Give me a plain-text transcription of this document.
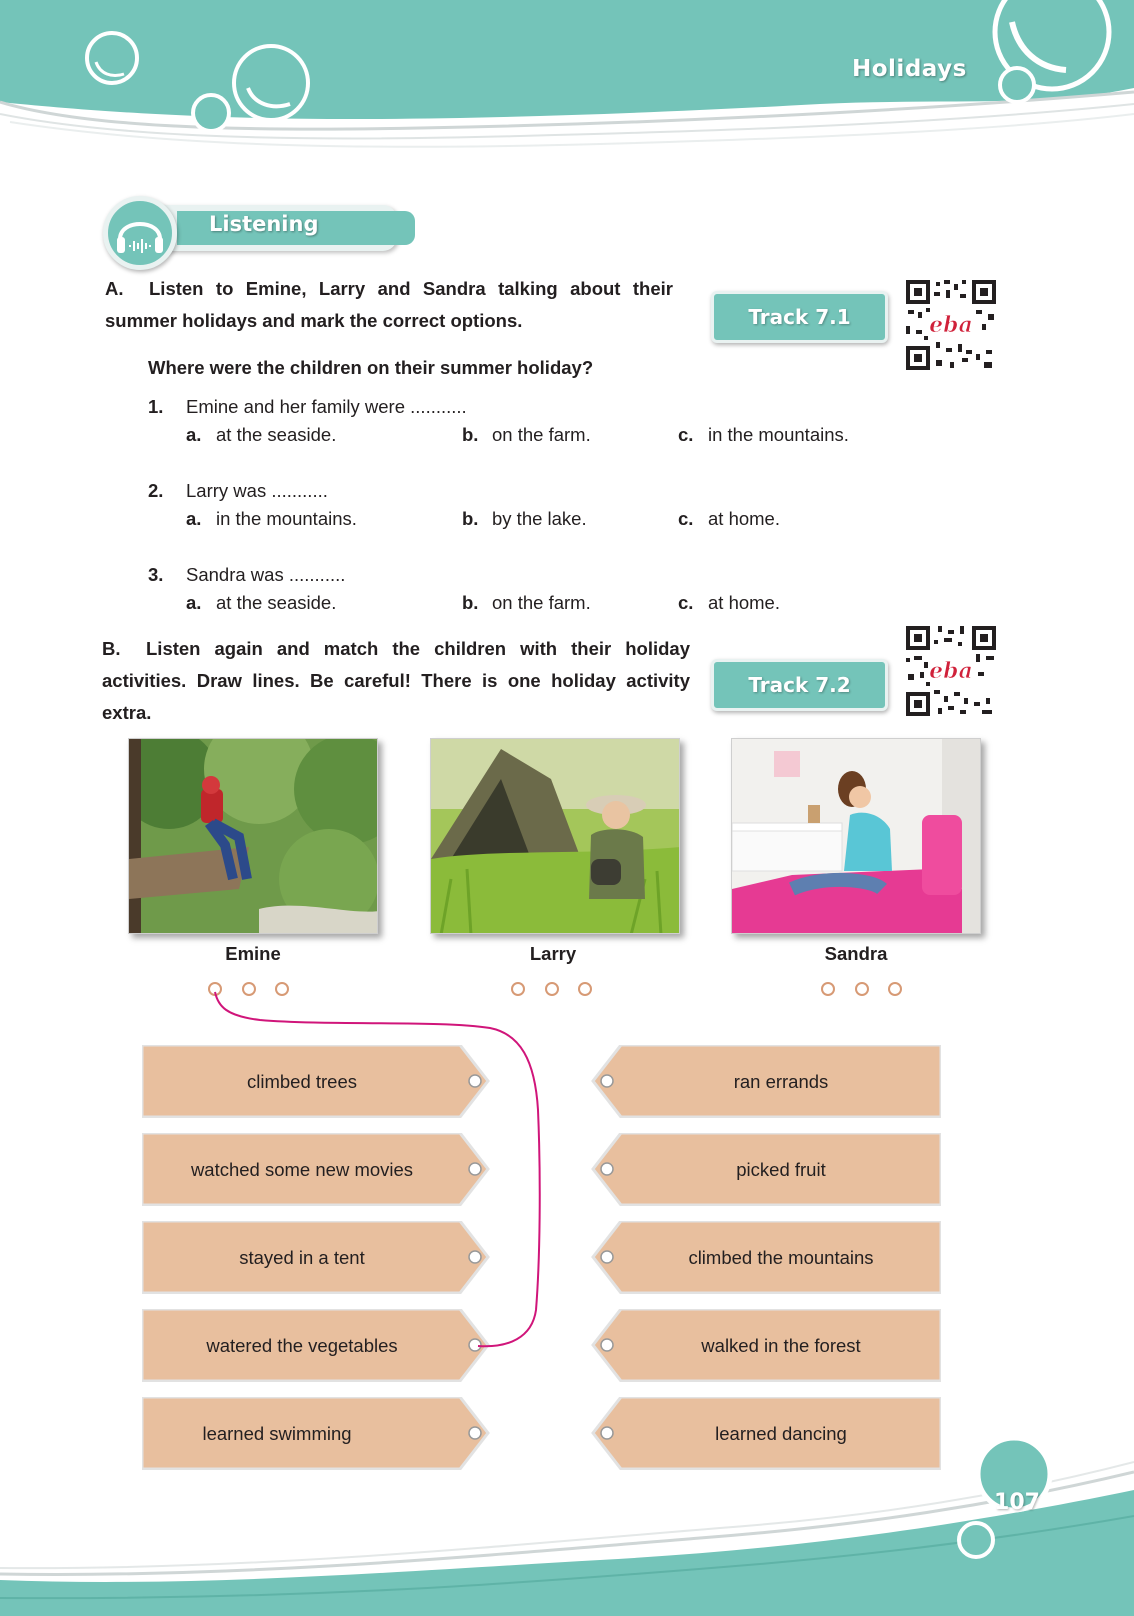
Holidays
Listening
A. Listen to Emine, Larry and Sandra talking about their summer holidays and mark the correct options.	Track 7.1	eba
Where were the children on their summer holiday?
1. Emine and her family were ...........
a. at the seaside.	b. on the farm.	c. in the mountains.
2. Larry was ...........
a. in the mountains.	b. by the lake.	c. at home.
3. Sandra was ...........
a. at the seaside.	b. on the farm.	c. at home.
B. Listen again and match the children with their holiday
activities. Draw lines. Be careful! There is one holiday activity
extra.
Track 7.2
eba
Emine	Larry	Sandra
climbed trees
watched some new movies
stayed in a tent
watered the vegetables
learned swimming
ran errands
picked fruit
climbed the mountains
walked in the forest
learned dancing
107
